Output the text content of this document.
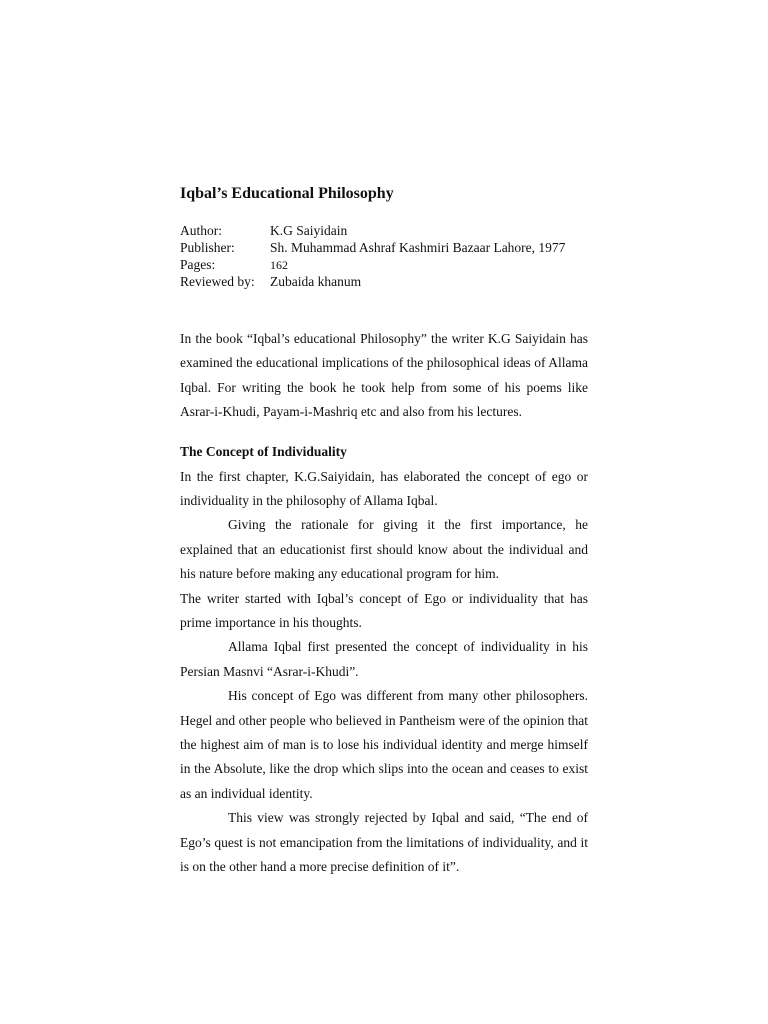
Iqbal’s Educational Philosophy
Author:	K.G Saiyidain
Publisher:	Sh. Muhammad Ashraf Kashmiri Bazaar Lahore, 1977
Pages:	162
Reviewed by: Zubaida khanum

In the book “Iqbal’s educational Philosophy” the writer K.G Saiyidain has examined the educational implications of the philosophical ideas of Allama Iqbal. For writing the book he took help from some of his poems like Asrar-i-Khudi, Payam-i-Mashriq etc and also from his lectures.

The Concept of Individuality

In the first chapter, K.G.Saiyidain, has elaborated the concept of ego or individuality in the philosophy of Allama Iqbal.

Giving the rationale for giving it the first importance, he explained that an educationist first should know about the individual and his nature before making any educational program for him.

The writer started with Iqbal’s concept of Ego or individuality that has prime importance in his thoughts.

Allama Iqbal first presented the concept of individuality in his Persian Masnvi “Asrar-i-Khudi”.

His concept of Ego was different from many other philosophers. Hegel and other people who believed in Pantheism were of the opinion that the highest aim of man is to lose his individual identity and merge himself in the Absolute, like the drop which slips into the ocean and ceases to exist as an individual identity.

This view was strongly rejected by Iqbal and said, “The end of Ego’s quest is not emancipation from the limitations of individuality, and it is on the other hand a more precise definition of it”.
